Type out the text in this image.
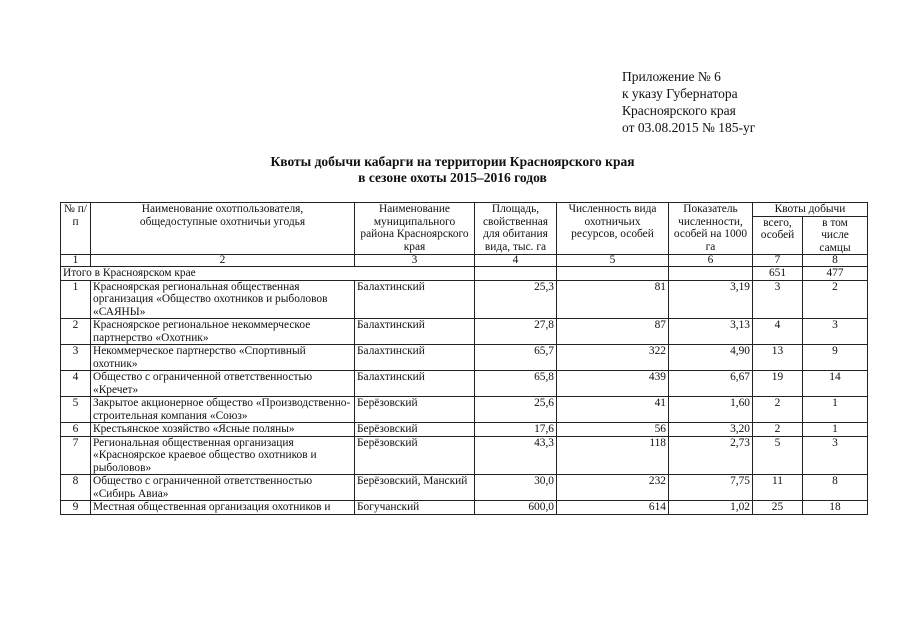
Приложение № 6
к указу Губернатора
Красноярского края
от 03.08.2015 № 185-уг
Квоты добычи кабарги на территории Красноярского края
в сезоне охоты 2015–2016 годов
№ п/п	Наименование охотпользователя, общедоступные охотничьи угодья	Наименование муниципального района Красноярского края	Площадь, свойственная для обитания вида, тыс. га	Численность вида охотничьих ресурсов, особей	Показатель численности, особей на 1000 га	Квоты добычи	
						всего, особей	в том числе самцы
1	2	3	4	5	6	7	8
Итого в Красноярском крае						651	477
1	Красноярская региональная общественная организация «Общество охотников и рыболовов «САЯНЫ»	Балахтинский	25,3	81	3,19	3	2
2	Красноярское региональное некоммерческое партнерство «Охотник»	Балахтинский	27,8	87	3,13	4	3
3	Некоммерческое партнерство «Спортивный охотник»	Балахтинский	65,7	322	4,90	13	9
4	Общество с ограниченной ответственностью «Кречет»	Балахтинский	65,8	439	6,67	19	14
5	Закрытое акционерное общество «Производственно-строительная компания «Союз»	Берёзовский	25,6	41	1,60	2	1
6	Крестьянское хозяйство «Ясные поляны»	Берёзовский	17,6	56	3,20	2	1
7	Региональная общественная организация «Красноярское краевое общество охотников и рыболовов»	Берёзовский	43,3	118	2,73	5	3
8	Общество с ограниченной ответственностью «Сибирь Авиа»	Берёзовский, Манский	30,0	232	7,75	11	8
9	Местная общественная организация охотников и	Богучанский	600,0	614	1,02	25	18
